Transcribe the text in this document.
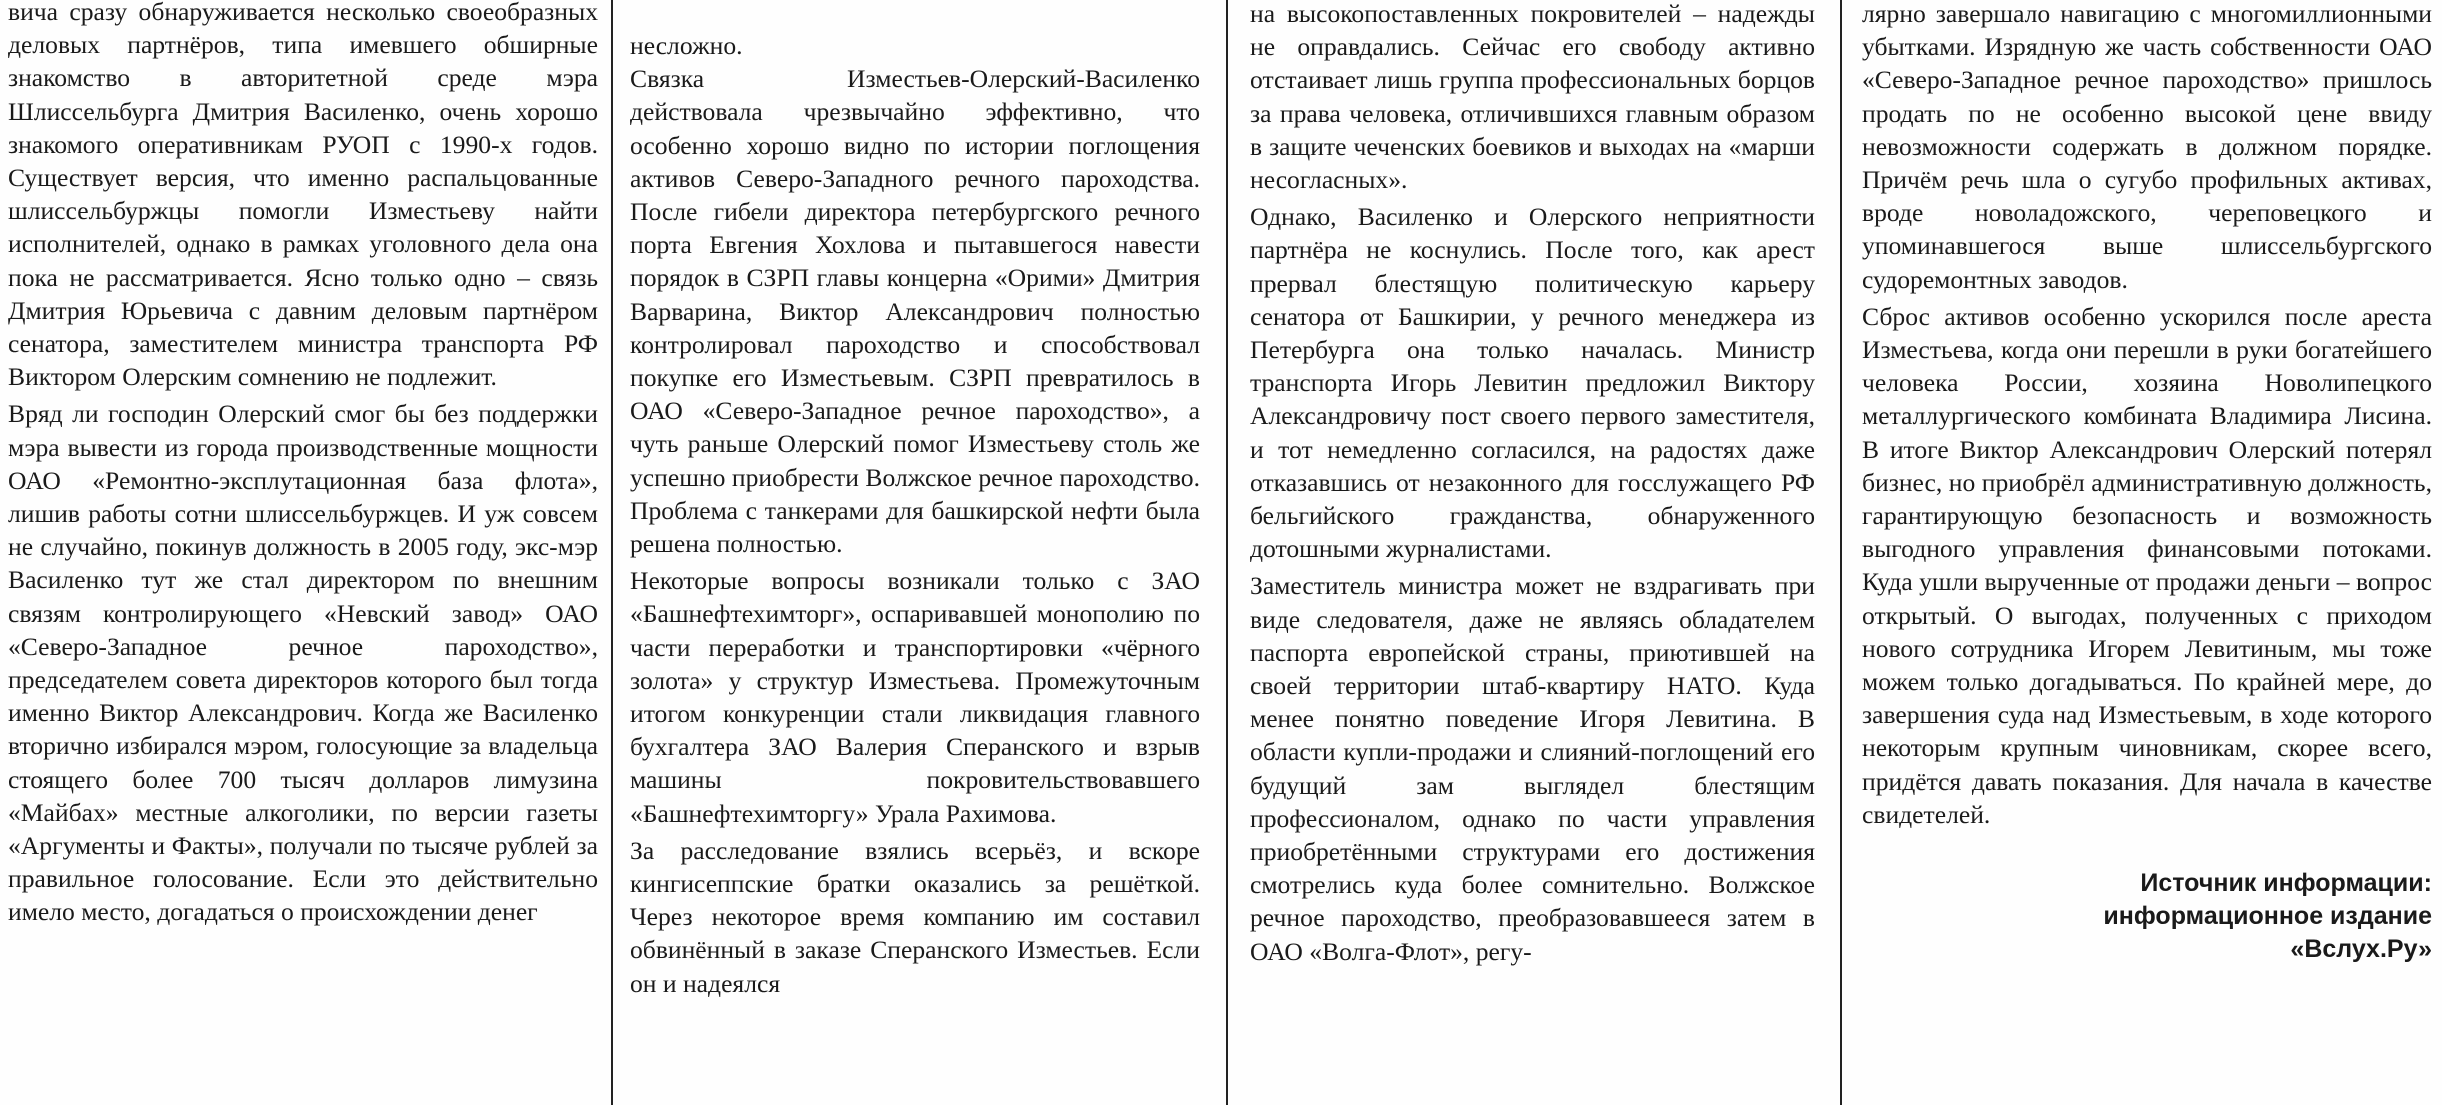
вича сразу обнаруживается несколько своеобразных деловых партнёров, типа имевшего обширные знакомство в авторитетной среде мэра Шлиссельбурга Дмитрия Василенко, очень хорошо знакомого оперативникам РУОП с 1990-х годов. Существует версия, что именно распальцованные шлиссельбуржцы помогли Изместьеву найти исполнителей, однако в рамках уголовного дела она пока не рассматривается. Ясно только одно – связь Дмитрия Юрьевича с давним деловым партнёром сенатора, заместителем министра транспорта РФ Виктором Олерским сомнению не подлежит.

Вряд ли господин Олерский смог бы без поддержки мэра вывести из города производственные мощности ОАО «Ремонтно-эксплутационная база флота», лишив работы сотни шлиссельбуржцев. И уж совсем не случайно, покинув должность в 2005 году, экс-мэр Василенко тут же стал директором по внешним связям контролирующего «Невский завод» ОАО «Северо-Западное речное пароходство», председателем совета директоров которого был тогда именно Виктор Александрович. Когда же Василенко вторично избирался мэром, голосующие за владельца стоящего более 700 тысяч долларов лимузина «Майбах» местные алкоголики, по версии газеты «Аргументы и Факты», получали по тысяче рублей за правильное голосование. Если это действительно имело место, догадаться о происхождении денег

несложно.

Связка Изместьев-Олерский-Василенко действовала чрезвычайно эффективно, что особенно хорошо видно по истории поглощения активов Северо-Западного речного пароходства. После гибели директора петербургского речного порта Евгения Хохлова и пытавшегося навести порядок в СЗРП главы концерна «Орими» Дмитрия Варварина, Виктор Александрович полностью контролировал пароходство и способствовал покупке его Изместьевым. СЗРП превратилось в ОАО «Северо-Западное речное пароходство», а чуть раньше Олерский помог Изместьеву столь же успешно приобрести Волжское речное пароходство. Проблема с танкерами для башкирской нефти была решена полностью.

Некоторые вопросы возникали только с ЗАО «Башнефтехимторг», оспаривавшей монополию по части переработки и транспортировки «чёрного золота» у структур Изместьева. Промежуточным итогом конкуренции стали ликвидация главного бухгалтера ЗАО Валерия Сперанского и взрыв машины покровительствовавшего «Башнефтехимторгу» Урала Рахимова.

За расследование взялись всерьёз, и вскоре кингисеппские братки оказались за решёткой. Через некоторое время компанию им составил обвинённый в заказе Сперанского Изместьев. Если он и надеялся

на высокопоставленных покровителей – надежды не оправдались. Сейчас его свободу активно отстаивает лишь группа профессиональных борцов за права человека, отличившихся главным образом в защите чеченских боевиков и выходах на «марши несогласных».

Однако, Василенко и Олерского неприятности партнёра не коснулись. После того, как арест прервал блестящую политическую карьеру сенатора от Башкирии, у речного менеджера из Петербурга она только началась. Министр транспорта Игорь Левитин предложил Виктору Александровичу пост своего первого заместителя, и тот немедленно согласился, на радостях даже отказавшись от незаконного для госслужащего РФ бельгийского гражданства, обнаруженного дотошными журналистами.

Заместитель министра может не вздрагивать при виде следователя, даже не являясь обладателем паспорта европейской страны, приютившей на своей территории штаб-квартиру НАТО. Куда менее понятно поведение Игоря Левитина. В области купли-продажи и слияний-поглощений его будущий зам выглядел блестящим профессионалом, однако по части управления приобретёнными структурами его достижения смотрелись куда более сомнительно. Волжское речное пароходство, преобразовавшееся затем в ОАО «Волга-Флот», регу-

лярно завершало навигацию с многомиллионными убытками. Изрядную же часть собственности ОАО «Северо-Западное речное пароходство» пришлось продать по не особенно высокой цене ввиду невозможности содержать в должном порядке. Причём речь шла о сугубо профильных активах, вроде новоладожского, череповецкого и упоминавшегося выше шлиссельбургского судоремонтных заводов.

Сброс активов особенно ускорился после ареста Изместьева, когда они перешли в руки богатейшего человека России, хозяина Новолипецкого металлургического комбината Владимира Лисина. В итоге Виктор Александрович Олерский потерял бизнес, но приобрёл административную должность, гарантирующую безопасность и возможность выгодного управления финансовыми потоками. Куда ушли вырученные от продажи деньги – вопрос открытый. О выгодах, полученных с приходом нового сотрудника Игорем Левитиным, мы тоже можем только догадываться. По крайней мере, до завершения суда над Изместьевым, в ходе которого некоторым крупным чиновникам, скорее всего, придётся давать показания. Для начала в качестве свидетелей.

Источник информации:
информационное издание
«Вслух.Ру»
